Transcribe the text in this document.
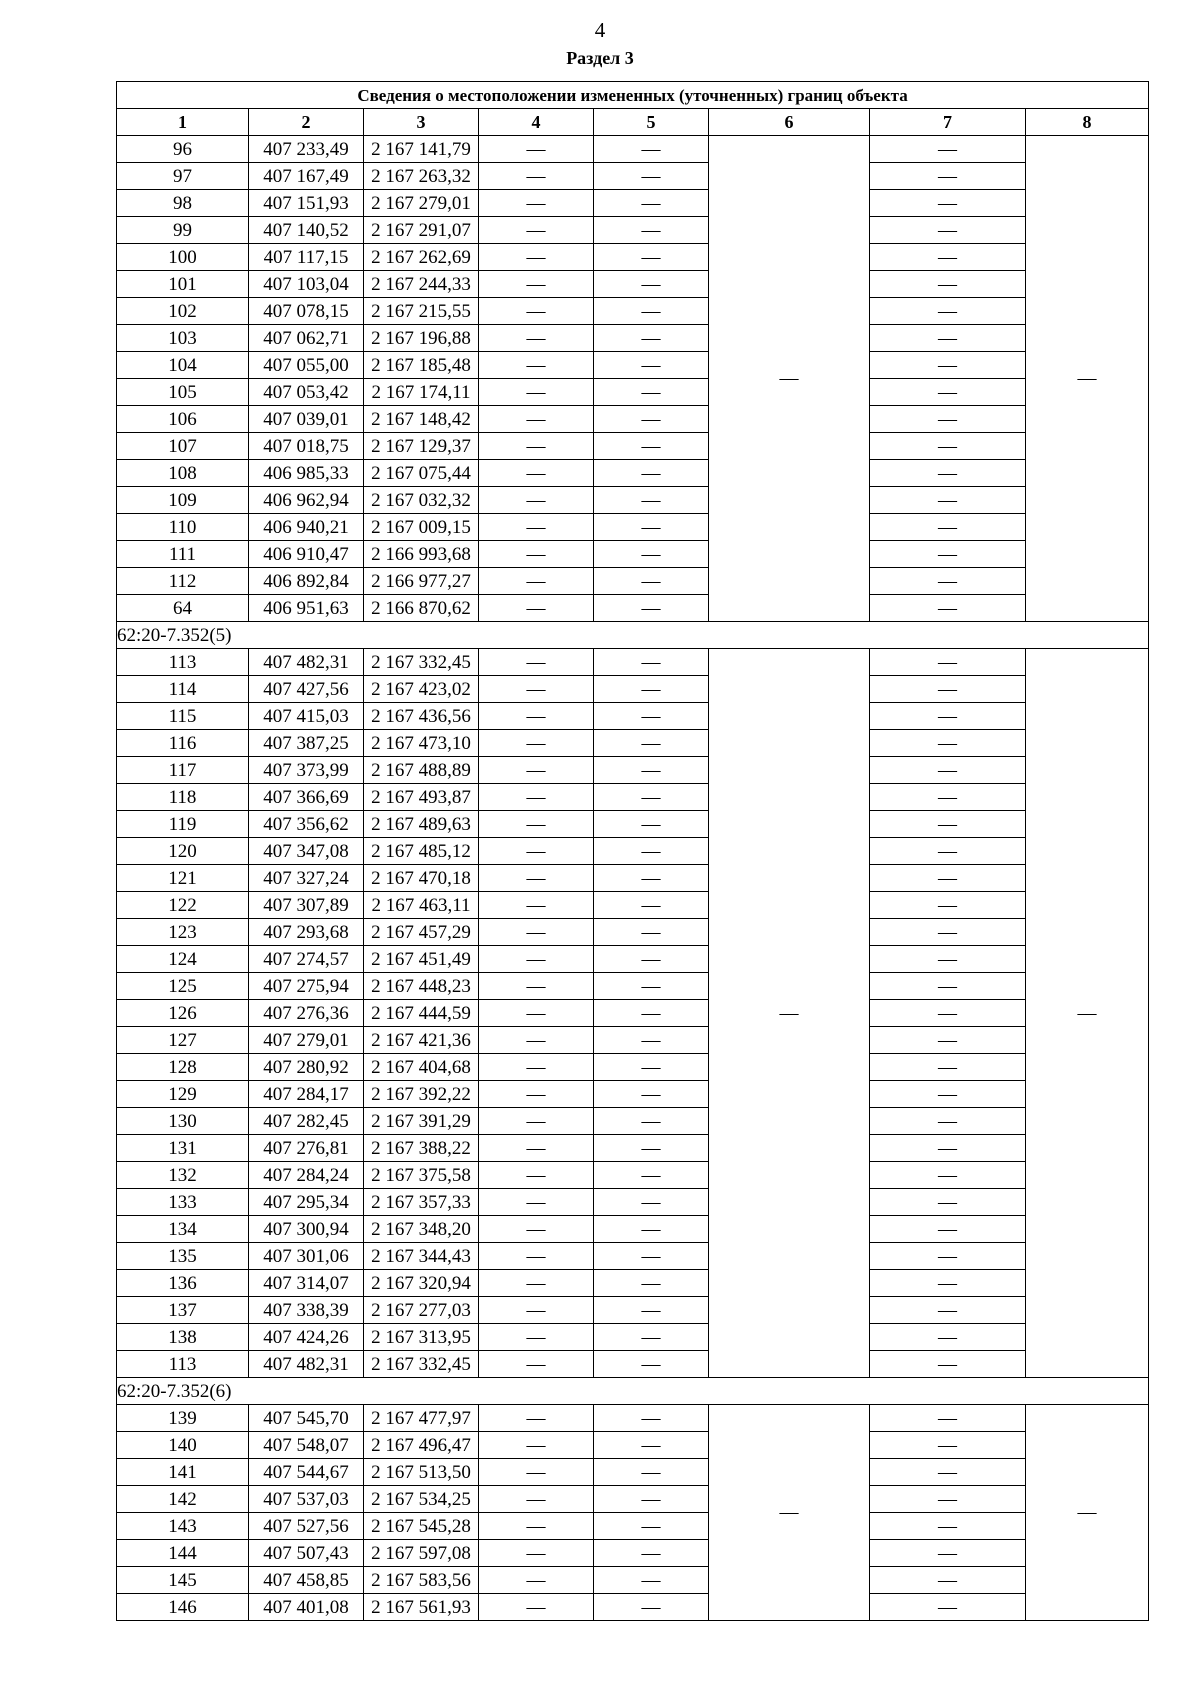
4
Раздел 3
Сведения о местоположении измененных (уточненных) границ объекта							
1	2	3	4	5	6	7	8
96	407 233,49	2 167 141,79	—	—	—	—	—
97	407 167,49	2 167 263,32	—	—		—	
98	407 151,93	2 167 279,01	—	—		—	
99	407 140,52	2 167 291,07	—	—		—	
100	407 117,15	2 167 262,69	—	—		—	
101	407 103,04	2 167 244,33	—	—		—	
102	407 078,15	2 167 215,55	—	—		—	
103	407 062,71	2 167 196,88	—	—		—	
104	407 055,00	2 167 185,48	—	—		—	
105	407 053,42	2 167 174,11	—	—		—	
106	407 039,01	2 167 148,42	—	—		—	
107	407 018,75	2 167 129,37	—	—		—	
108	406 985,33	2 167 075,44	—	—		—	
109	406 962,94	2 167 032,32	—	—		—	
110	406 940,21	2 167 009,15	—	—		—	
111	406 910,47	2 166 993,68	—	—		—	
112	406 892,84	2 166 977,27	—	—		—	
64	406 951,63	2 166 870,62	—	—		—	
62:20-7.352(5)							
113	407 482,31	2 167 332,45	—	—	—	—	—
114	407 427,56	2 167 423,02	—	—		—	
115	407 415,03	2 167 436,56	—	—		—	
116	407 387,25	2 167 473,10	—	—		—	
117	407 373,99	2 167 488,89	—	—		—	
118	407 366,69	2 167 493,87	—	—		—	
119	407 356,62	2 167 489,63	—	—		—	
120	407 347,08	2 167 485,12	—	—		—	
121	407 327,24	2 167 470,18	—	—		—	
122	407 307,89	2 167 463,11	—	—		—	
123	407 293,68	2 167 457,29	—	—		—	
124	407 274,57	2 167 451,49	—	—		—	
125	407 275,94	2 167 448,23	—	—		—	
126	407 276,36	2 167 444,59	—	—		—	
127	407 279,01	2 167 421,36	—	—		—	
128	407 280,92	2 167 404,68	—	—		—	
129	407 284,17	2 167 392,22	—	—		—	
130	407 282,45	2 167 391,29	—	—		—	
131	407 276,81	2 167 388,22	—	—		—	
132	407 284,24	2 167 375,58	—	—		—	
133	407 295,34	2 167 357,33	—	—		—	
134	407 300,94	2 167 348,20	—	—		—	
135	407 301,06	2 167 344,43	—	—		—	
136	407 314,07	2 167 320,94	—	—		—	
137	407 338,39	2 167 277,03	—	—		—	
138	407 424,26	2 167 313,95	—	—		—	
113	407 482,31	2 167 332,45	—	—		—	
62:20-7.352(6)							
139	407 545,70	2 167 477,97	—	—	—	—	—
140	407 548,07	2 167 496,47	—	—		—	
141	407 544,67	2 167 513,50	—	—		—	
142	407 537,03	2 167 534,25	—	—		—	
143	407 527,56	2 167 545,28	—	—		—	
144	407 507,43	2 167 597,08	—	—		—	
145	407 458,85	2 167 583,56	—	—		—	
146	407 401,08	2 167 561,93	—	—		—	
